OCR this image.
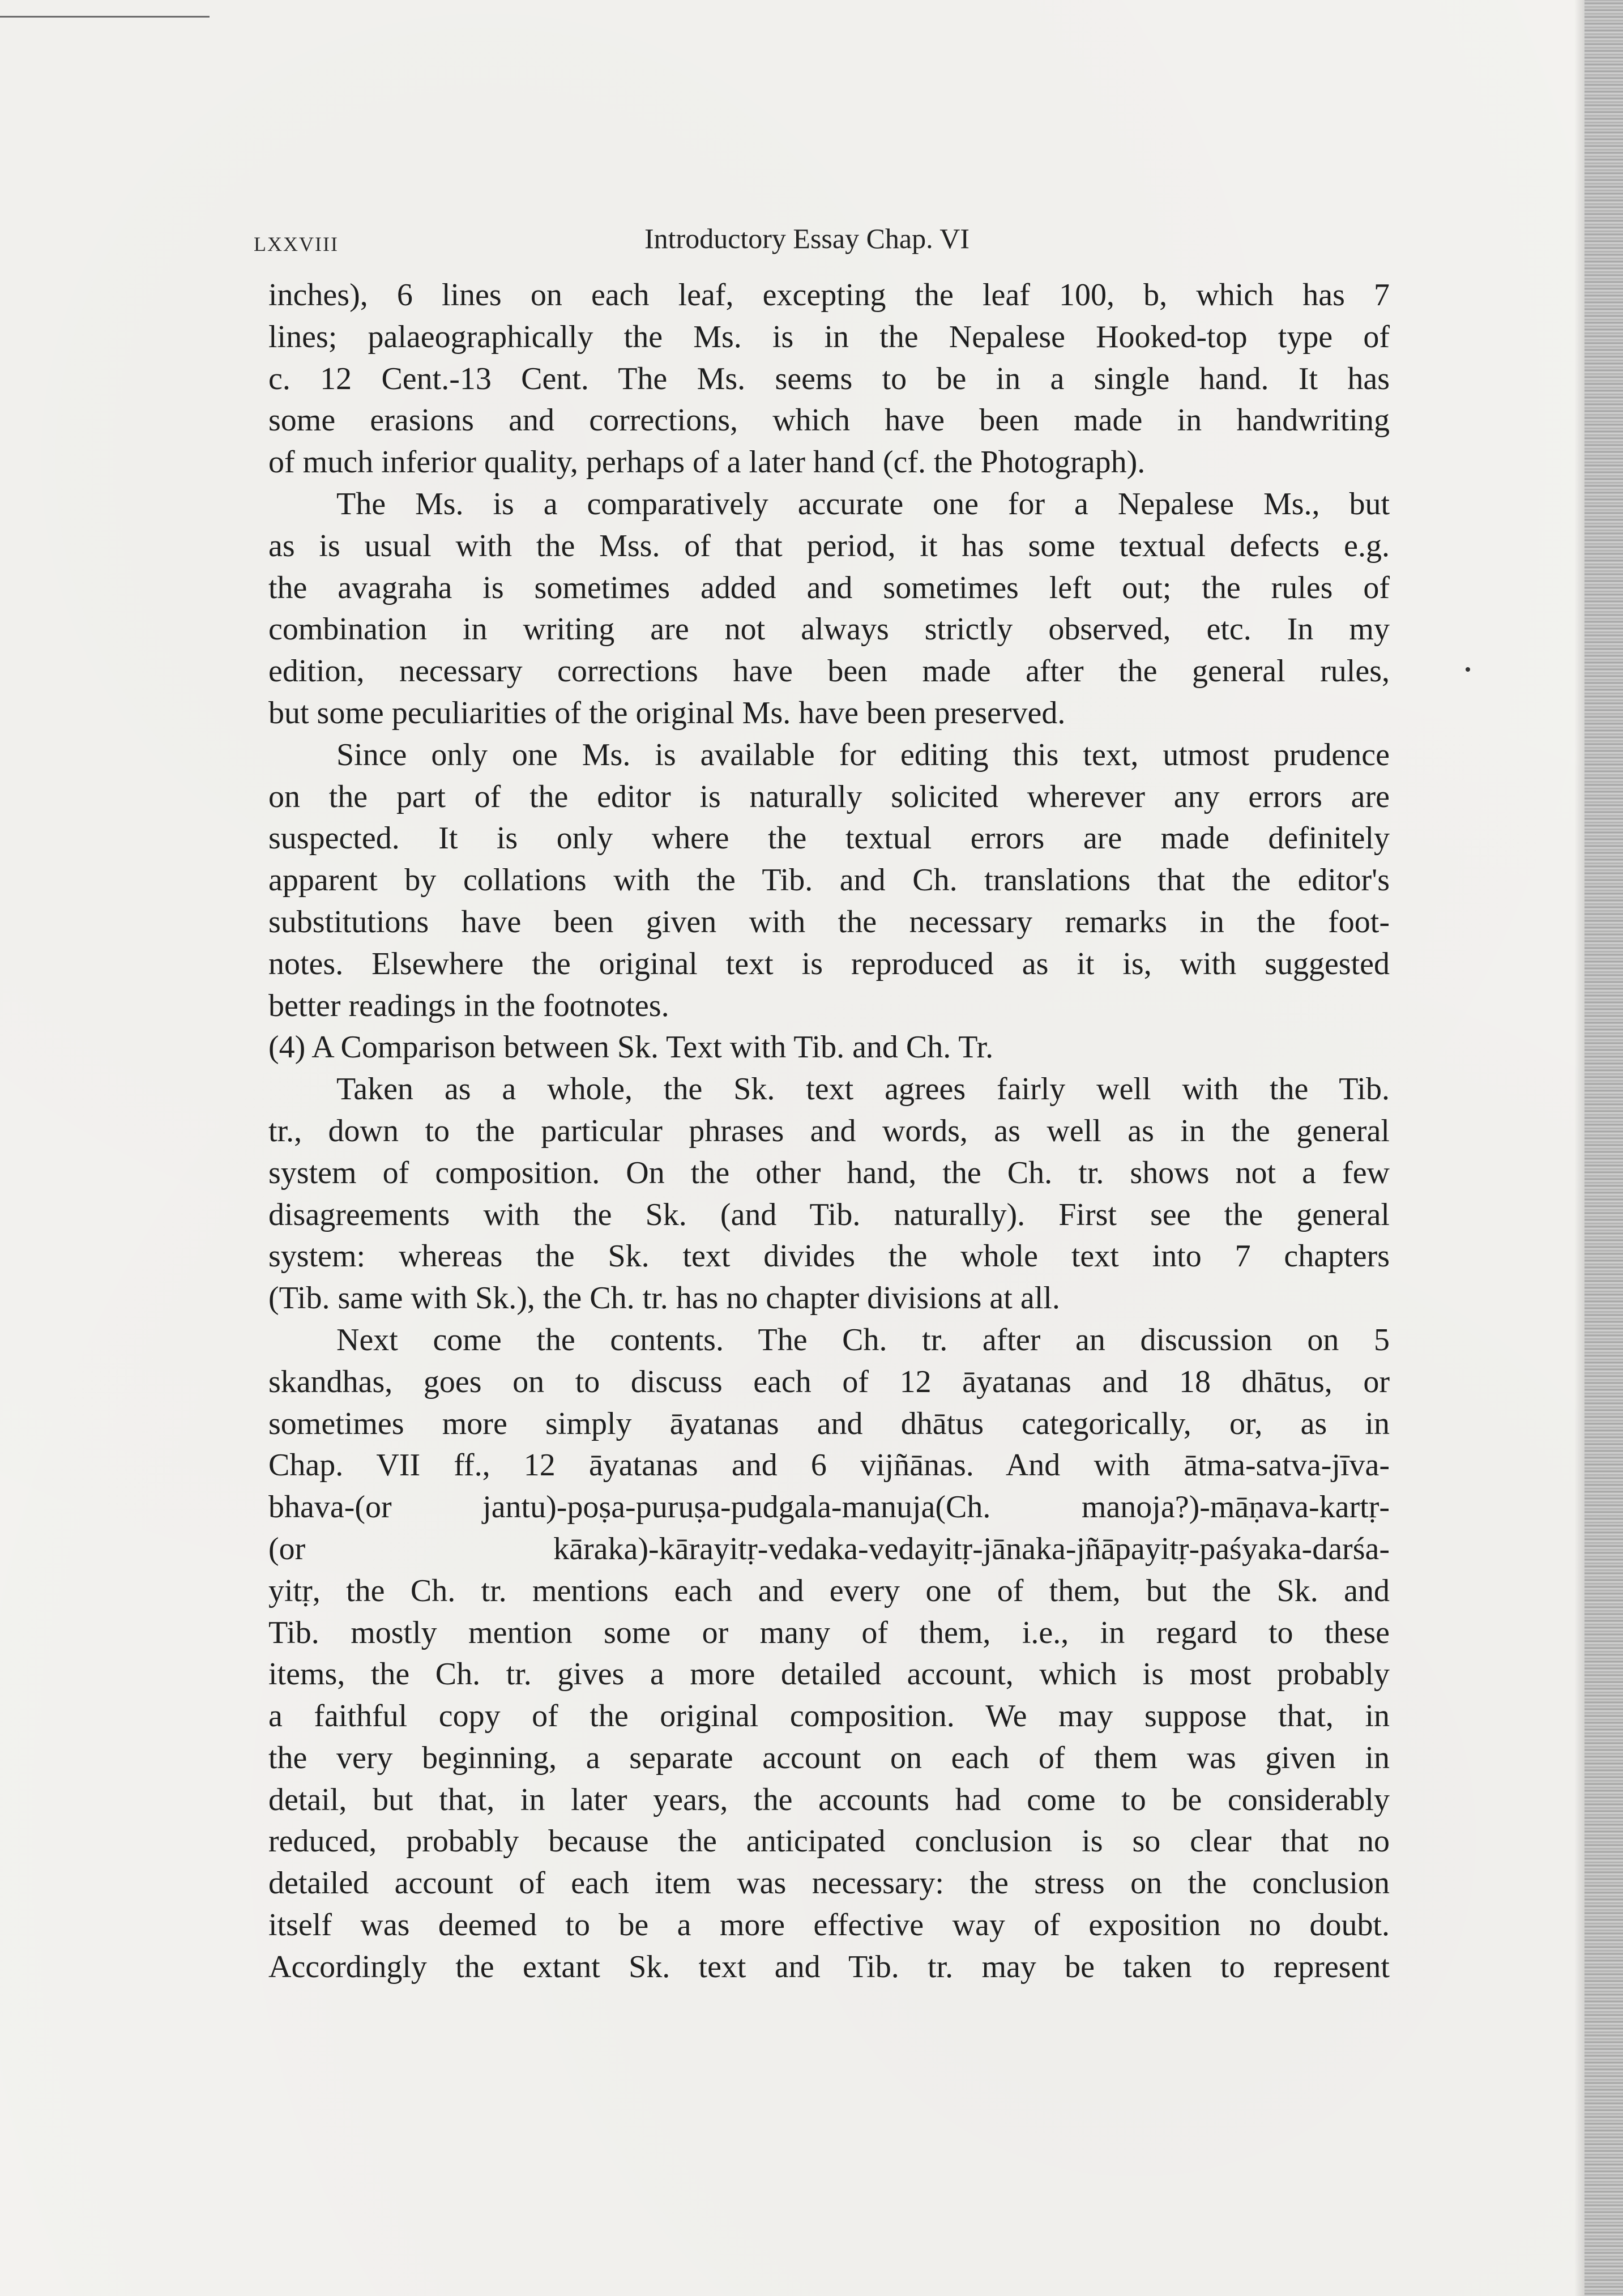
LXXVIII	Introductory Essay Chap. VI
inches), 6 lines on each leaf, excepting the leaf 100, b, which has 7
lines; palaeographically the Ms. is in the Nepalese Hooked-top type of
c. 12 Cent.-13 Cent. The Ms. seems to be in a single hand. It has
some erasions and corrections, which have been made in handwriting
of much inferior quality, perhaps of a later hand (cf. the Photograph).
The Ms. is a comparatively accurate one for a Nepalese Ms., but
as is usual with the Mss. of that period, it has some textual defects e.g.
the avagraha is sometimes added and sometimes left out; the rules of
combination in writing are not always strictly observed, etc. In my
edition, necessary corrections have been made after the general rules,
but some peculiarities of the original Ms. have been preserved.
Since only one Ms. is available for editing this text, utmost prudence
on the part of the editor is naturally solicited wherever any errors are
suspected. It is only where the textual errors are made definitely
apparent by collations with the Tib. and Ch. translations that the editor's
substitutions have been given with the necessary remarks in the foot-
notes. Elsewhere the original text is reproduced as it is, with suggested
better readings in the footnotes.
(4) A Comparison between Sk. Text with Tib. and Ch. Tr.
Taken as a whole, the Sk. text agrees fairly well with the Tib.
tr., down to the particular phrases and words, as well as in the general
system of composition. On the other hand, the Ch. tr. shows not a few
disagreements with the Sk. (and Tib. naturally). First see the general
system: whereas the Sk. text divides the whole text into 7 chapters
(Tib. same with Sk.), the Ch. tr. has no chapter divisions at all.
Next come the contents. The Ch. tr. after an discussion on 5
skandhas, goes on to discuss each of 12 āyatanas and 18 dhātus, or
sometimes more simply āyatanas and dhātus categorically, or, as in
Chap. VII ff., 12 āyatanas and 6 vijñānas. And with ātma-satva-jīva-
bhava-(or jantu)-poṣa-puruṣa-pudgala-manuja(Ch. manoja?)-māṇava-kartṛ-
(or kāraka)-kārayitṛ-vedaka-vedayitṛ-jānaka-jñāpayitṛ-paśyaka-darśa-
yitṛ, the Ch. tr. mentions each and every one of them, but the Sk. and
Tib. mostly mention some or many of them, i.e., in regard to these
items, the Ch. tr. gives a more detailed account, which is most probably
a faithful copy of the original composition. We may suppose that, in
the very beginning, a separate account on each of them was given in
detail, but that, in later years, the accounts had come to be considerably
reduced, probably because the anticipated conclusion is so clear that no
detailed account of each item was necessary: the stress on the conclusion
itself was deemed to be a more effective way of exposition no doubt.
Accordingly the extant Sk. text and Tib. tr. may be taken to represent
